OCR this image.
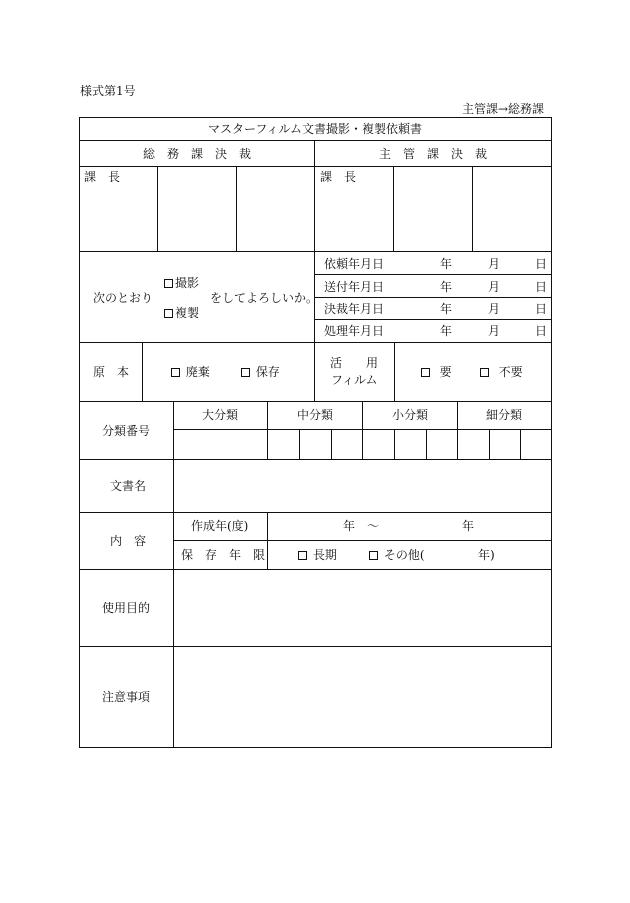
様式第1号
主管課→総務課
マスターフィルム文書撮影・複製依頼書
総　務　課　決　裁	主　管　課　決　裁
課　長	課　長
次のとおり
撮影
複製
をしてよろしいか。
依頼年月日	年	月	日
送付年月日	年	月	日
決裁年月日	年	月	日
処理年月日	年	月	日
原　本	廃棄	保存
活　　用
フィルム
要	不要
分類番号
大分類	中分類	小分類	細分類
文書名
内　容
作成年(度)	年　～	年
保　存　年　限	長期	その他(	年)
使用目的
注意事項
